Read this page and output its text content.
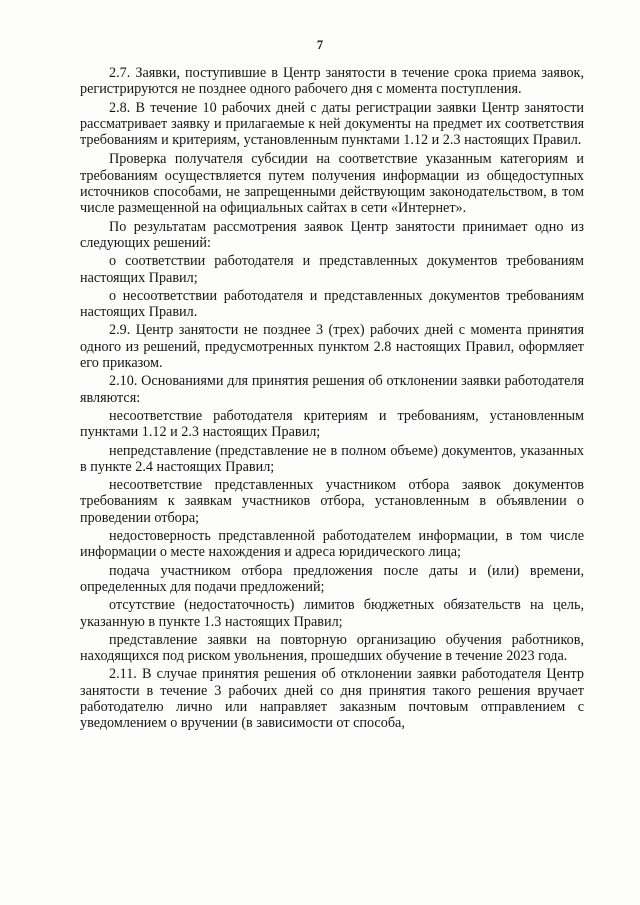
7

2.7. Заявки, поступившие в Центр занятости в течение срока приема заявок, регистрируются не позднее одного рабочего дня с момента поступления.

2.8. В течение 10 рабочих дней с даты регистрации заявки Центр занятости рассматривает заявку и прилагаемые к ней документы на предмет их соответствия требованиям и критериям, установленным пунктами 1.12 и 2.3 настоящих Правил.

Проверка получателя субсидии на соответствие указанным категориям и требованиям осуществляется путем получения информации из общедоступных источников способами, не запрещенными действующим законодательством, в том числе размещенной на официальных сайтах в сети «Интернет».

По результатам рассмотрения заявок Центр занятости принимает одно из следующих решений:

о соответствии работодателя и представленных документов требованиям настоящих Правил;

о несоответствии работодателя и представленных документов требованиям настоящих Правил.

2.9. Центр занятости не позднее 3 (трех) рабочих дней с момента принятия одного из решений, предусмотренных пунктом 2.8 настоящих Правил, оформляет его приказом.

2.10. Основаниями для принятия решения об отклонении заявки работодателя являются:

несоответствие работодателя критериям и требованиям, установленным пунктами 1.12 и 2.3 настоящих Правил;

непредставление (представление не в полном объеме) документов, указанных в пункте 2.4 настоящих Правил;

несоответствие представленных участником отбора заявок документов требованиям к заявкам участников отбора, установленным в объявлении о проведении отбора;

недостоверность представленной работодателем информации, в том числе информации о месте нахождения и адреса юридического лица;

подача участником отбора предложения после даты и (или) времени, определенных для подачи предложений;

отсутствие (недостаточность) лимитов бюджетных обязательств на цель, указанную в пункте 1.3 настоящих Правил;

представление заявки на повторную организацию обучения работников, находящихся под риском увольнения, прошедших обучение в течение 2023 года.

2.11. В случае принятия решения об отклонении заявки работодателя Центр занятости в течение 3 рабочих дней со дня принятия такого решения вручает работодателю лично или направляет заказным почтовым отправлением с уведомлением о вручении (в зависимости от способа,
